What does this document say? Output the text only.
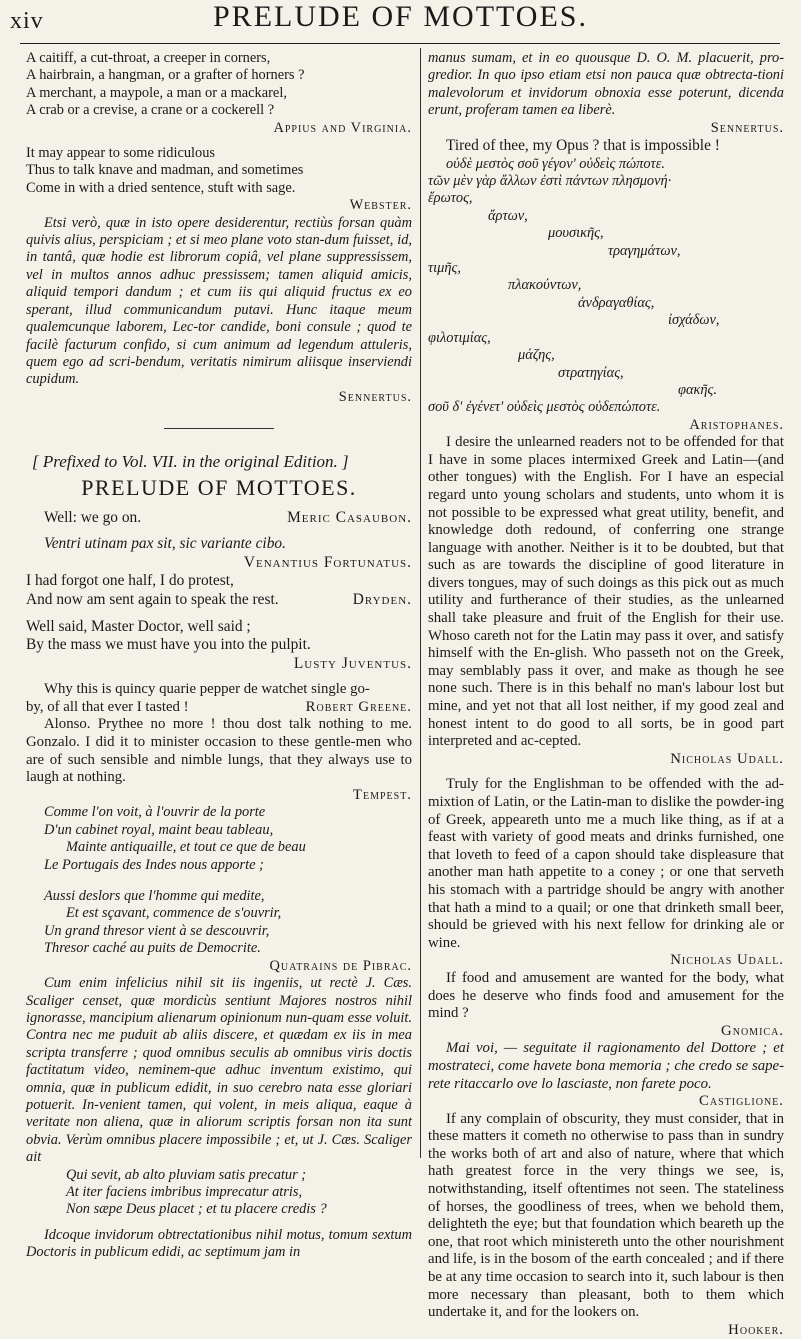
xiv	PRELUDE OF MOTTOES.
A caitiff, a cut-throat, a creeper in corners,
A hairbrain, a hangman, or a grafter of horners ?
A merchant, a maypole, a man or a mackarel,
A crab or a crevise, a crane or a cockerell ?
Appius and Virginia.
It may appear to some ridiculous
Thus to talk knave and madman, and sometimes
Come in with a dried sentence, stuft with sage.
Webster.
Etsi verò, quæ in isto opere desiderentur, rectiùs forsan quàm quivis alius, perspiciam ; et si meo plane voto stan-dum fuisset, id, in tantâ, quæ hodie est librorum copiâ, vel plane suppressissem, vel in multos annos adhuc pressissem; tamen aliquid amicis, aliquid tempori dandum ; et cum iis qui aliquid fructus ex eo sperant, illud communicandum putavi. Hunc itaque meum qualemcunque laborem, Lec-tor candide, boni consule ; quod te facilè facturum confido, si cum animum ad legendum attuleris, quem ego ad scri-bendum, veritatis nimirum aliisque inserviendi cupidum.
Sennertus.
[ Prefixed to Vol. VII. in the original Edition. ]
PRELUDE OF MOTTOES.
Well: we go on.	Meric Casaubon.
Ventri utinam pax sit, sic variante cibo.
Venantius Fortunatus.
I had forgot one half, I do protest,
And now am sent again to speak the rest.	Dryden.
Well said, Master Doctor, well said ;
By the mass we must have you into the pulpit.
Lusty Juventus.
Why this is quincy quarie pepper de watchet single go-
by, of all that ever I tasted !	Robert Greene.
Alonso. Prythee no more ! thou dost talk nothing to me. Gonzalo. I did it to minister occasion to these gentle-men who are of such sensible and nimble lungs, that they always use to laugh at nothing.
Tempest.
Comme l'on voit, à l'ouvrir de la porte
D'un cabinet royal, maint beau tableau,
Mainte antiquaille, et tout ce que de beau
Le Portugais des Indes nous apporte ;
Aussi deslors que l'homme qui medite,
Et est sçavant, commence de s'ouvrir,
Un grand thresor vient à se descouvrir,
Thresor caché au puits de Democrite.
Quatrains de Pibrac.
Cum enim infelicius nihil sit iis ingeniis, ut rectè J. Cæs. Scaliger censet, quæ mordicùs sentiunt Majores nostros nihil ignorasse, mancipium alienarum opinionum nun-quam esse voluit. Contra nec me puduit ab aliis discere, et quædam ex iis in mea scripta transferre ; quod omnibus seculis ab omnibus viris doctis factitatum video, neminem-que adhuc inventum existimo, qui omnia, quæ in publicum edidit, in suo cerebro nata esse gloriari potuerit. In-venient tamen, qui volent, in meis aliqua, eaque à veritate non aliena, quæ in aliorum scriptis forsan non ita sunt obvia. Verùm omnibus placere impossibile ; et, ut J. Cæs. Scaliger ait
Qui sevit, ab alto pluviam satis precatur ;
At iter faciens imbribus imprecatur atris,
Non sæpe Deus placet ; et tu placere credis ?
Idcoque invidorum obtrectationibus nihil motus, tomum sextum Doctoris in publicum edidi, ac septimum jam in
manus sumam, et in eo quousque D. O. M. placuerit, pro-gredior. In quo ipso etiam etsi non pauca quæ obtrecta-tioni malevolorum et invidorum obnoxia esse poterunt, dicenda erunt, proferam tamen ea liberè.
Sennertus.
Tired of thee, my Opus ? that is impossible !
οὐδὲ μεστὸς σοῦ γέγον' οὐδεὶς πώποτε.
τῶν μὲν γὰρ ἄλλων ἐστὶ πάντων πλησμονή·
ἔρωτος,
ἄρτων,
μουσικῆς,
τραγημάτων,
τιμῆς,
πλακούντων,
ἀνδραγαθίας,
ἰσχάδων,
φιλοτιμίας,
μάζης,
στρατηγίας,
φακῆς.
σοῦ δ' ἐγένετ' οὐδεὶς μεστὸς οὐδεπώποτε.
Aristophanes.
I desire the unlearned readers not to be offended for that I have in some places intermixed Greek and Latin—(and other tongues) with the English. For I have an especial regard unto young scholars and students, unto whom it is not possible to be expressed what great utility, benefit, and knowledge doth redound, of conferring one strange language with another. Neither is it to be doubted, but that such as are towards the discipline of good literature in divers tongues, may of such doings as this pick out as much utility and furtherance of their studies, as the unlearned shall take pleasure and fruit of the English for their use. Whoso careth not for the Latin may pass it over, and satisfy himself with the En-glish. Who passeth not on the Greek, may semblably pass it over, and make as though he see none such. There is in this behalf no man's labour lost but mine, and yet not that all lost neither, if my good zeal and honest intent to do good to all sorts, be in good part interpreted and ac-cepted.
Nicholas Udall.
Truly for the Englishman to be offended with the ad-mixtion of Latin, or the Latin-man to dislike the powder-ing of Greek, appeareth unto me a much like thing, as if at a feast with variety of good meats and drinks furnished, one that loveth to feed of a capon should take displeasure that another man hath appetite to a coney ; or one that serveth his stomach with a partridge should be angry with another that hath a mind to a quail; or one that drinketh small beer, should be grieved with his next fellow for drinking ale or wine.
Nicholas Udall.
If food and amusement are wanted for the body, what does he deserve who finds food and amusement for the mind ?
Gnomica.
Mai voi, — seguitate il ragionamento del Dottore ; et mostrateci, come havete bona memoria ; che credo se sape-rete ritaccarlo ove lo lasciaste, non farete poco.
Castiglione.
If any complain of obscurity, they must consider, that in these matters it cometh no otherwise to pass than in sundry the works both of art and also of nature, where that which hath greatest force in the very things we see, is, notwithstanding, itself oftentimes not seen. The stateliness of horses, the goodliness of trees, when we behold them, delighteth the eye; but that foundation which beareth up the one, that root which ministereth unto the other nourishment and life, is in the bosom of the earth concealed ; and if there be at any time occasion to search into it, such labour is then more necessary than pleasant, both to them which undertake it, and for the lookers on.
Hooker.
